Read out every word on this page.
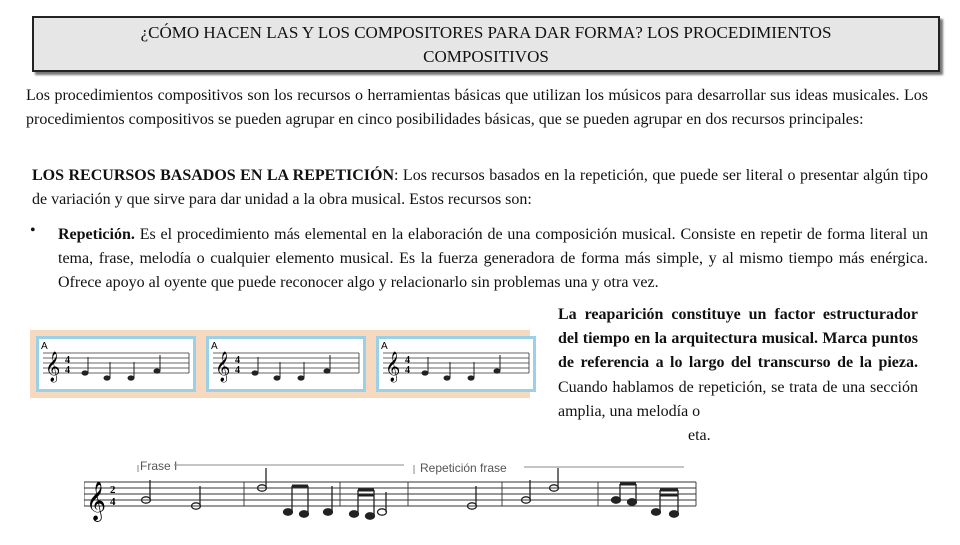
¿CÓMO HACEN LAS Y LOS COMPOSITORES PARA DAR FORMA? LOS PROCEDIMIENTOS
COMPOSITIVOS

Los procedimientos compositivos son los recursos o herramientas básicas que utilizan los músicos para desarrollar sus ideas musicales. Los procedimientos compositivos se pueden agrupar en cinco posibilidades básicas, que se pueden agrupar en dos recursos principales:

LOS RECURSOS BASADOS EN LA REPETICIÓN: Los recursos basados en la repetición, que puede ser literal o presentar algún tipo de variación y que sirve para dar unidad a la obra musical. Estos recursos son:

• Repetición. Es el procedimiento más elemental en la elaboración de una composición musical. Consiste en repetir de forma literal un tema, frase, melodía o cualquier elemento musical. Es la fuerza generadora de forma más simple, y al mismo tiempo más enérgica. Ofrece apoyo al oyente que puede reconocer algo y relacionarlo sin problemas una y otra vez.

La reaparición constituye un factor estructurador del tiempo en la arquitectura musical. Marca puntos de referencia a lo largo del transcurso de la pieza. Cuando hablamos de repetición, se trata de una sección amplia, una melodía o
eta.

A
𝄞 4
4
A
𝄞 4
4
A
𝄞 4
4
Frase I	Repetición frase
𝄞 2
4
